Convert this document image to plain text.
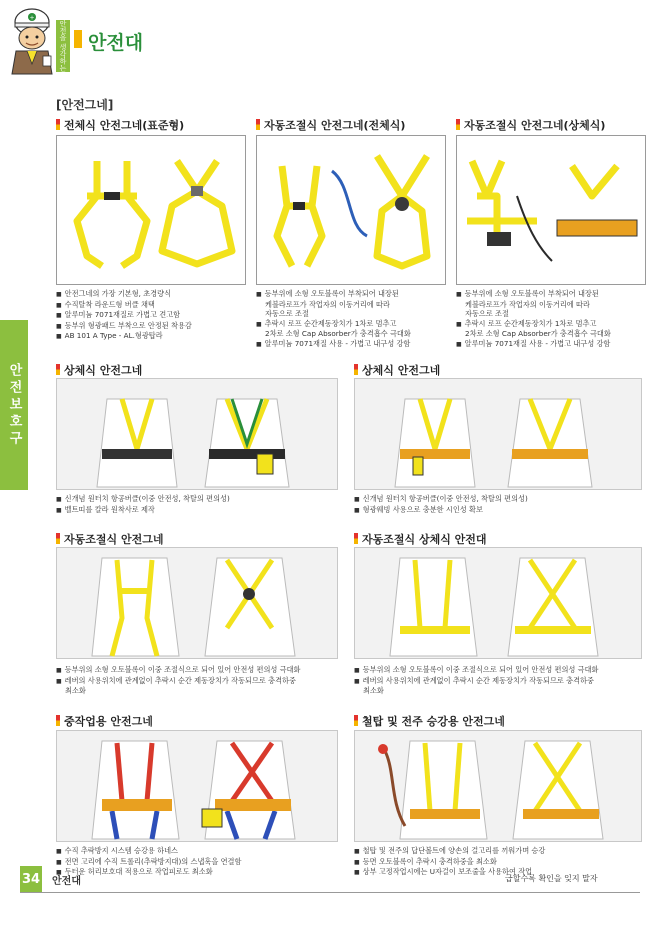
+
안전을 생각하는 안전대
[안전그네]
안전보호구
전체식 안전그네(표준형)
■ 안전그네의 가장 기본형, 초경량식
■ 수직탈착 라운드형 버클 채택
■ 알루미늄 7071재질로 가볍고 견고함
■ 등부위 형광패드 부착으로 안정된 착용감
■ AB 101 A Type - AL.형광탑라
자동조절식 안전그네(전체식)
■ 등부위에 소형 오토블록이 부착되어 내장된
케블라로프가 작업자의 이동거리에 따라
자동으로 조절
■ 추락시 로프 순간제동장치가 1차로 멈추고
2차로 소형 Cap Absorber가 충격흡수 극대화
■ 알루미늄 7071재질 사용 - 가볍고 내구성 강함
자동조절식 안전그네(상체식)
■ 등부위에 소형 오토블록이 부착되어 내장된
케블라로프가 작업자의 이동거리에 따라
자동으로 조절
■ 추락시 로프 순간제동장치가 1차로 멈추고
2차로 소형 Cap Absorber가 충격흡수 극대화
■ 알루미늄 7071재질 사용 - 가볍고 내구성 강함
상체식 안전그네
■ 신개념 원터치 항공버클(이중 안전성, 착탈의 편의성)
■ 벨트띠를 칼라 원착사로 제작
상체식 안전그네
■ 신개념 원터치 항공버클(이중 안전성, 착탈의 편의성)
■ 형광웨빙 사용으로 충분한 시인성 확보
자동조절식 안전그네
■ 등부위의 소형 오토블록이 이중 조절식으로 되어 있어 안전성 편의성 극대화
■ 레버의 사용위치에 관계없이 추락시 순간 제동장치가 작동되므로 충격하중
최소화
자동조절식 상체식 안전대
■ 등부위의 소형 오토블록이 이중 조절식으로 되어 있어 안전성 편의성 극대화
■ 레버의 사용위치에 관계없이 추락시 순간 제동장치가 작동되므로 충격하중
최소화
중작업용 안전그네
■ 수직 추락방지 시스템 승강용 하네스
■ 전면 고리에 수직 트롤리(추락방지대)의 스냅훅을 연결함
■ 두터운 허리보호대 적용으로 작업피로도 최소화
철탑 및 전주 승강용 안전그네
■ 철탑 및 전주의 답단볼트에 양손의 걸고리를 끼워가며 승강
■ 등면 오토블록이 추락시 충격하중을 최소화
■ 상부 고정작업시에는 U자걸이 보조줄을 사용하여 작업
34 안전대	급할수록 확인을 잊지 말자
